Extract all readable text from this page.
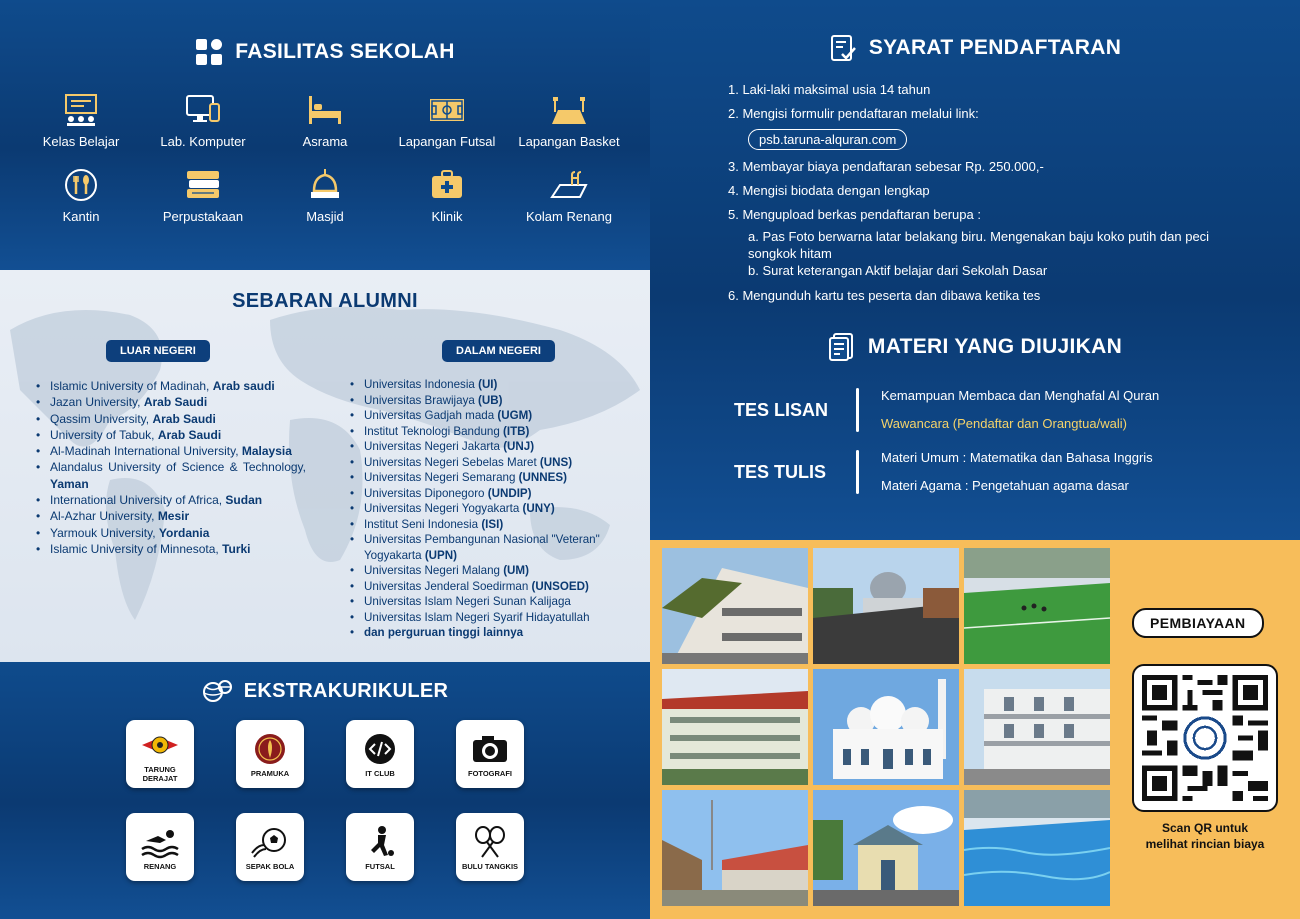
FASILITAS SEKOLAH
Kelas Belajar	Lab. Komputer	Asrama	Lapangan Futsal Lapangan Basket
Kantin	Perpustakaan	Masjid	Klinik	Kolam Renang
SEBARAN ALUMNI
LUAR NEGERI	DALAM NEGERI
• Islamic University of Madinah, Arab saudi
• Jazan University, Arab Saudi
• Qassim University, Arab Saudi
• University of Tabuk, Arab Saudi
• Al-Madinah International University, Malaysia
• Alandalus University of Science & Technology, Yaman
• International University of Africa, Sudan
• Al-Azhar University, Mesir
• Yarmouk University, Yordania
• Islamic University of Minnesota, Turki
• Universitas Indonesia (UI)
• Universitas Brawijaya (UB)
• Universitas Gadjah mada (UGM)
• Institut Teknologi Bandung (ITB)
• Universitas Negeri Jakarta (UNJ)
• Universitas Negeri Sebelas Maret (UNS)
• Universitas Negeri Semarang (UNNES)
• Universitas Diponegoro (UNDIP)
• Universitas Negeri Yogyakarta (UNY)
• Institut Seni Indonesia (ISI)
• Universitas Pembangunan Nasional "Veteran" Yogyakarta (UPN)
• Universitas Negeri Malang (UM)
• Universitas Jenderal Soedirman (UNSOED)
• Universitas Islam Negeri Sunan Kalijaga
• Universitas Islam Negeri Syarif Hidayatullah
• dan perguruan tinggi lainnya
EKSTRAKURIKULER
TARUNG DERAJAT	PRAMUKA	IT CLUB	FOTOGRAFI
RENANG	SEPAK BOLA	FUTSAL	BULU TANGKIS
SYARAT PENDAFTARAN
1. Laki-laki maksimal usia 14 tahun
2. Mengisi formulir pendaftaran melalui link:
psb.taruna-alquran.com
3. Membayar biaya pendaftaran sebesar Rp. 250.000,-
4. Mengisi biodata dengan lengkap
5. Mengupload berkas pendaftaran berupa :
a. Pas Foto berwarna latar belakang biru. Mengenakan baju koko putih dan peci songkok hitam
b. Surat keterangan Aktif belajar dari Sekolah Dasar
6. Mengunduh kartu tes peserta dan dibawa ketika tes
MATERI YANG DIUJIKAN
TES LISAN
Kemampuan Membaca dan Menghafal Al Quran
Wawancara (Pendaftar dan Orangtua/wali)
TES TULIS
Materi Umum : Matematika dan Bahasa Inggris
Materi Agama : Pengetahuan agama dasar
PEMBIAYAAN
Scan QR untuk
melihat rincian biaya
